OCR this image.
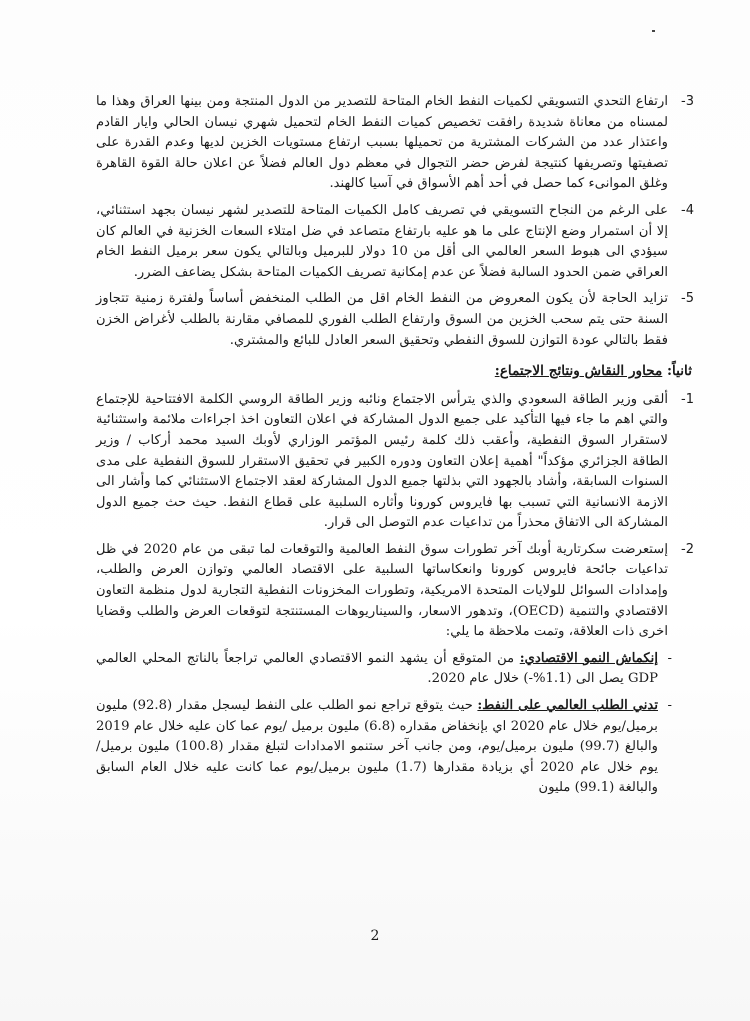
3-
ارتفاع التحدي التسويقي لكميات النفط الخام المتاحة للتصدير من الدول المنتجة ومن بينها العراق وهذا ما لمسناه من معاناة شديدة رافقت تخصيص كميات النفط الخام لتحميل شهري نيسان الحالي وايار القادم واعتذار عدد من الشركات المشترية من تحميلها بسبب ارتفاع مستويات الخزين لديها وعدم القدرة على تصفيتها وتصريفها كنتيجة لفرض حضر التجوال في معظم دول العالم فضلاً عن اعلان حالة القوة القاهرة وغلق الموانىء كما حصل في أحد أهم الأسواق في آسيا كالهند.
4-
على الرغم من النجاح التسويقي في تصريف كامل الكميات المتاحة للتصدير لشهر نيسان بجهد استثنائي، إلا أن استمرار وضع الإنتاج على ما هو عليه بارتفاع متصاعد في ضل امتلاء السعات الخزنية في العالم كان سيؤدي الى هبوط السعر العالمي الى أقل من 10 دولار للبرميل وبالتالي يكون سعر برميل النفط الخام العراقي ضمن الحدود السالبة فضلاً عن عدم إمكانية تصريف الكميات المتاحة بشكل يضاعف الضرر.
5-
تزايد الحاجة لأن يكون المعروض من النفط الخام اقل من الطلب المنخفض أساساً ولفترة زمنية تتجاوز السنة حتى يتم سحب الخزين من السوق وارتفاع الطلب الفوري للمصافي مقارنة بالطلب لأغراض الخزن فقط بالتالي عودة التوازن للسوق النفطي وتحقيق السعر العادل للبائع والمشتري.
ثانياً: محاور النقاش ونتائج الاجتماع:
1-
ألقى وزير الطاقة السعودي والذي يترأس الاجتماع ونائبه وزير الطاقة الروسي الكلمة الافتتاحية للإجتماع والتي اهم ما جاء فيها التأكيد على جميع الدول المشاركة في اعلان التعاون اخذ اجراءات ملائمة واستثنائية لاستقرار السوق النفطية، وأعقب ذلك كلمة رئيس المؤتمر الوزاري لأوبك السيد محمد أركاب / وزير الطاقة الجزائري مؤكداً" أهمية إعلان التعاون ودوره الكبير في تحقيق الاستقرار للسوق النفطية على مدى السنوات السابقة، وأشاد بالجهود التي بذلتها جميع الدول المشاركة لعقد الاجتماع الاستثنائي كما وأشار الى الازمة الانسانية التي تسبب بها فايروس كورونا وأثاره السلبية على قطاع النفط. حيث حث جميع الدول المشاركة الى الاتفاق محذراً من تداعيات عدم التوصل الى قرار.
2-
إستعرضت سكرتارية أوبك آخر تطورات سوق النفط العالمية والتوقعات لما تبقى من عام 2020 في ظل تداعيات جائحة فايروس كورونا وانعكاساتها السلبية على الاقتصاد العالمي وتوازن العرض والطلب، وإمدادات السوائل للولايات المتحدة الامريكية، وتطورات المخزونات النفطية التجارية لدول منظمة التعاون الاقتصادي والتنمية (OECD)، وتدهور الاسعار، والسيناريوهات المستنتجة لتوقعات العرض والطلب وقضايا اخرى ذات العلاقة، وتمت ملاحظة ما يلي:
-
إنكماش النمو الاقتصادي: من المتوقع أن يشهد النمو الاقتصادي العالمي تراجعاً بالناتج المحلي العالمي GDP يصل الى (1.1%-) خلال عام 2020.
-
تدني الطلب العالمي على النفط: حيث يتوقع تراجع نمو الطلب على النفط ليسجل مقدار (92.8) مليون برميل/يوم خلال عام 2020 اي بإنخفاض مقداره (6.8) مليون برميل /يوم عما كان عليه خلال عام 2019 والبالغ (99.7) مليون برميل/يوم، ومن جانب آخر ستنمو الامدادات لتبلغ مقدار (100.8) مليون برميل/يوم خلال عام 2020 أي بزيادة مقدارها (1.7) مليون برميل/يوم عما كانت عليه خلال العام السابق والبالغة (99.1) مليون
2
